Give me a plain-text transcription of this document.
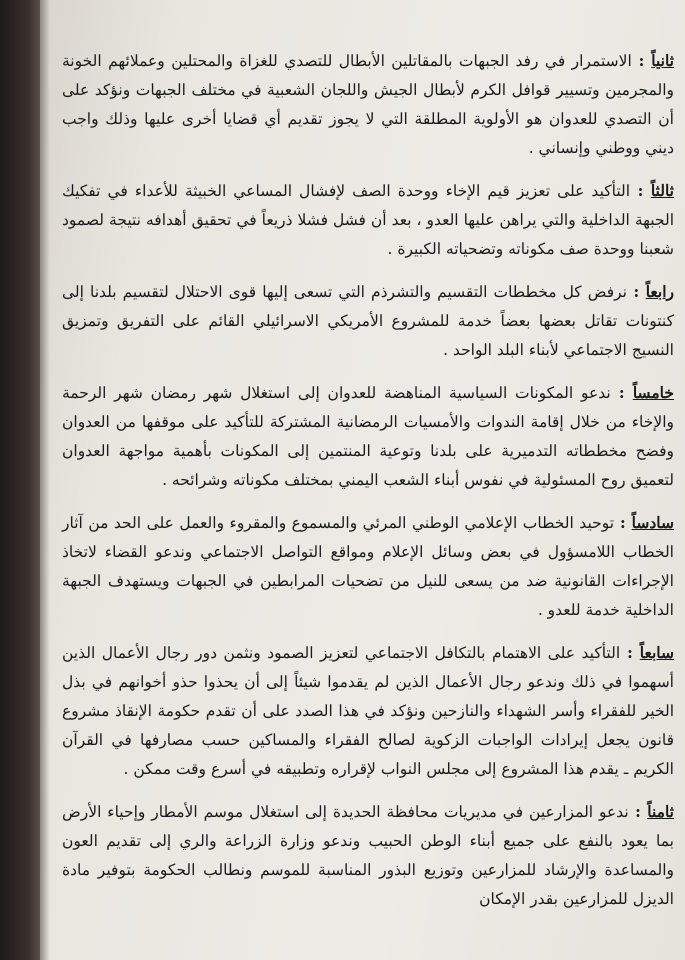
ثانياً : الاستمرار في رفد الجبهات بالمقاتلين الأبطال للتصدي للغزاة والمحتلين وعملائهم الخونة والمجرمين وتسيير قوافل الكرم لأبطال الجيش واللجان الشعبية في مختلف الجبهات ونؤكد على أن التصدي للعدوان هو الأولوية المطلقة التي لا يجوز تقديم أي قضايا أخرى عليها وذلك واجب ديني ووطني وإنساني .

ثالثاً : التأكيد على تعزيز قيم الإخاء ووحدة الصف لإفشال المساعي الخبيثة للأعداء في تفكيك الجبهة الداخلية والتي يراهن عليها العدو ، بعد أن فشل فشلا ذريعاً في تحقيق أهدافه نتيجة لصمود شعبنا ووحدة صف مكوناته وتضحياته الكبيرة .

رابعاً : نرفض كل مخططات التقسيم والتشرذم التي تسعى إليها قوى الاحتلال لتقسيم بلدنا إلى كنتونات تقاتل بعضها بعضاً خدمة للمشروع الأمريكي الاسرائيلي القائم على التفريق وتمزيق النسيج الاجتماعي لأبناء البلد الواحد .

خامساً : ندعو المكونات السياسية المناهضة للعدوان إلى استغلال شهر رمضان شهر الرحمة والإخاء من خلال إقامة الندوات والأمسيات الرمضانية المشتركة للتأكيد على موقفها من العدوان وفضح مخططاته التدميرية على بلدنا وتوعية المنتمين إلى المكونات بأهمية مواجهة العدوان لتعميق روح المسئولية في نفوس أبناء الشعب اليمني بمختلف مكوناته وشرائحه .

سادساً : توحيد الخطاب الإعلامي الوطني المرئي والمسموع والمقروء والعمل على الحد من آثار الخطاب اللامسؤول في بعض وسائل الإعلام ومواقع التواصل الاجتماعي وندعو القضاء لاتخاذ الإجراءات القانونية ضد من يسعى للنيل من تضحيات المرابطين في الجبهات ويستهدف الجبهة الداخلية خدمة للعدو .

سابعاً : التأكيد على الاهتمام بالتكافل الاجتماعي لتعزيز الصمود ونثمن دور رجال الأعمال الذين أسهموا في ذلك وندعو رجال الأعمال الذين لم يقدموا شيئاً إلى أن يحذوا حذو أخوانهم في بذل الخير للفقراء وأسر الشهداء والنازحين ونؤكد في هذا الصدد على أن تقدم حكومة الإنقاذ مشروع قانون يجعل إيرادات الواجبات الزكوية لصالح الفقراء والمساكين حسب مصارفها في القرآن الكريم ـ يقدم هذا المشروع إلى مجلس النواب لإقراره وتطبيقه في أسرع وقت ممكن .

ثامناً : ندعو المزارعين في مديريات محافظة الحديدة إلى استغلال موسم الأمطار وإحياء الأرض بما يعود بالنفع على جميع أبناء الوطن الحبيب وندعو وزارة الزراعة والري إلى تقديم العون والمساعدة والإرشاد للمزارعين وتوزيع البذور المناسبة للموسم ونطالب الحكومة بتوفير مادة الديزل للمزارعين بقدر الإمكان
